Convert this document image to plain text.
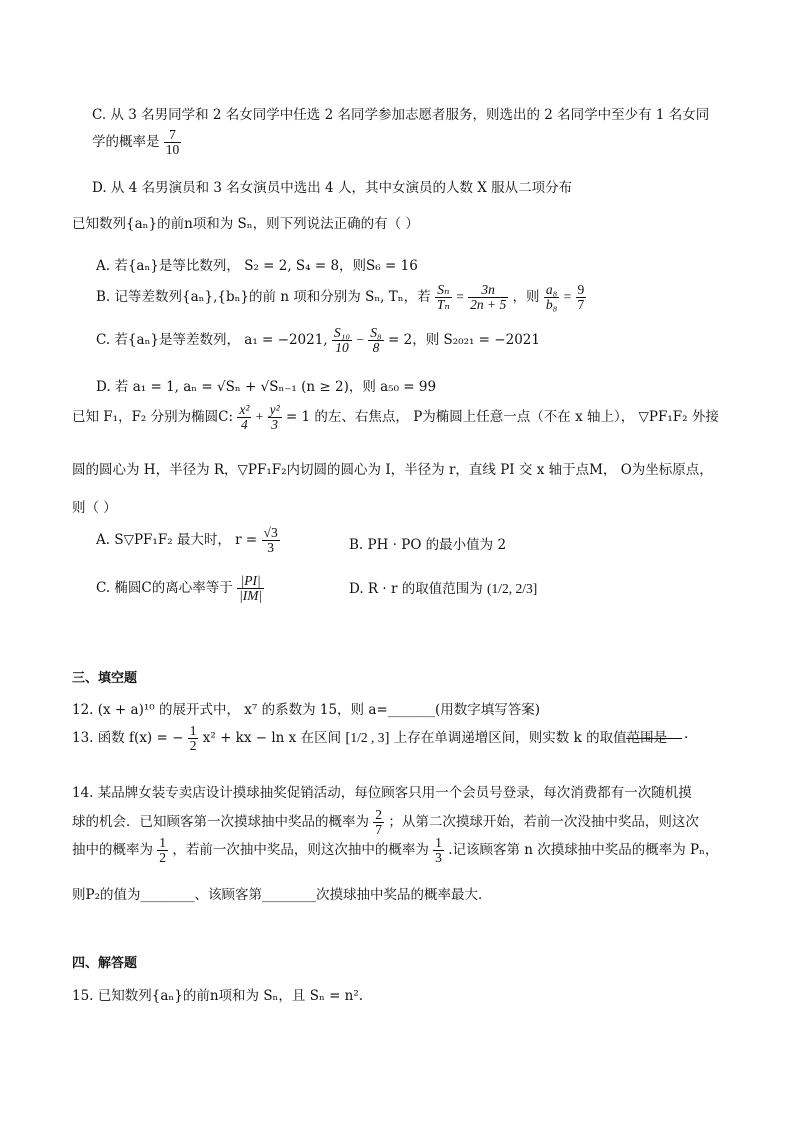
C. 从 3 名男同学和 2 名女同学中任选 2 名同学参加志愿者服务，则选出的 2 名同学中至少有 1 名女同
学的概率是 $\frac{7}{10}$
D. 从 4 名男演员和 3 名女演员中选出 4 人，其中女演员的人数 X 服从二项分布
已知数列{aₙ}的前n项和为 Sₙ，则下列说法正确的有（ ）
A. 若{aₙ}是等比数列， S₂ = 2, S₄ = 8，则S₆ = 16
B. 记等差数列{aₙ},{bₙ}的前 n 项和分别为 Sₙ, Tₙ，若 $\frac{\text{Sₙ}}{\text{Tₙ}} = \frac{3n}{2n + 5}$ ，则 $\frac{\text{a₈}}{\text{b₈}} = \frac{9}{7}$
C. 若{aₙ}是等差数列， a₁ = −2021, $\frac{\text{S₁₀}}{10} - \frac{\text{S₈}}{8} = 2$，则 S₂₀₂₁ = −2021
D. 若 a₁ = 1, aₙ = √Sₙ + √Sₙ₋₁ (n ≥ 2)，则 a₅₀ = 99
已知 F₁，F₂ 分别为椭圆C: $\frac{\text{x²}}{4} + \frac{\text{y²}}{3} = 1$ 的左、右焦点， P为椭圆上任意一点（不在 x 轴上）， ▽PF₁F₂ 外接
圆的圆心为 H，半径为 R，▽PF₁F₂内切圆的圆心为 I，半径为 r，直线 PI 交 x 轴于点M， O为坐标原点，
则（ ）
A. S▽PF₁F₂ 最大时， $r = \frac{√3}{3}$	B. PH · PO 的最小值为 2
C. 椭圆C的离心率等于 $\frac{|PI|}{|IM|}$	D. R · r 的取值范围为 (1/2, 2/3]
三、填空题
12. (x + a)¹⁰ 的展开式中， x⁷ 的系数为 15，则 a=_______(用数字填写答案)
13. 函数 f(x) = − $\frac{1}{2} x^2$ + kx − ln x 在区间 [1/2 , 3] 上存在单调递增区间，则实数 k 的取值范围是 .
14. 某品牌女装专卖店设计摸球抽奖促销活动，每位顾客只用一个会员号登录，每次消费都有一次随机摸
球的机会．已知顾客第一次摸球抽中奖品的概率为 $\frac{2}{7}$ ；从第二次摸球开始，若前一次没抽中奖品，则这次
抽中的概率为 $\frac{1}{2}$ ，若前一次抽中奖品，则这次抽中的概率为 $\frac{1}{3}$ .记该顾客第 n 次摸球抽中奖品的概率为 Pₙ，
则P₂的值为________、该顾客第________次摸球抽中奖品的概率最大．
四、解答题
15. 已知数列{aₙ}的前n项和为 Sₙ，且 Sₙ = n².
